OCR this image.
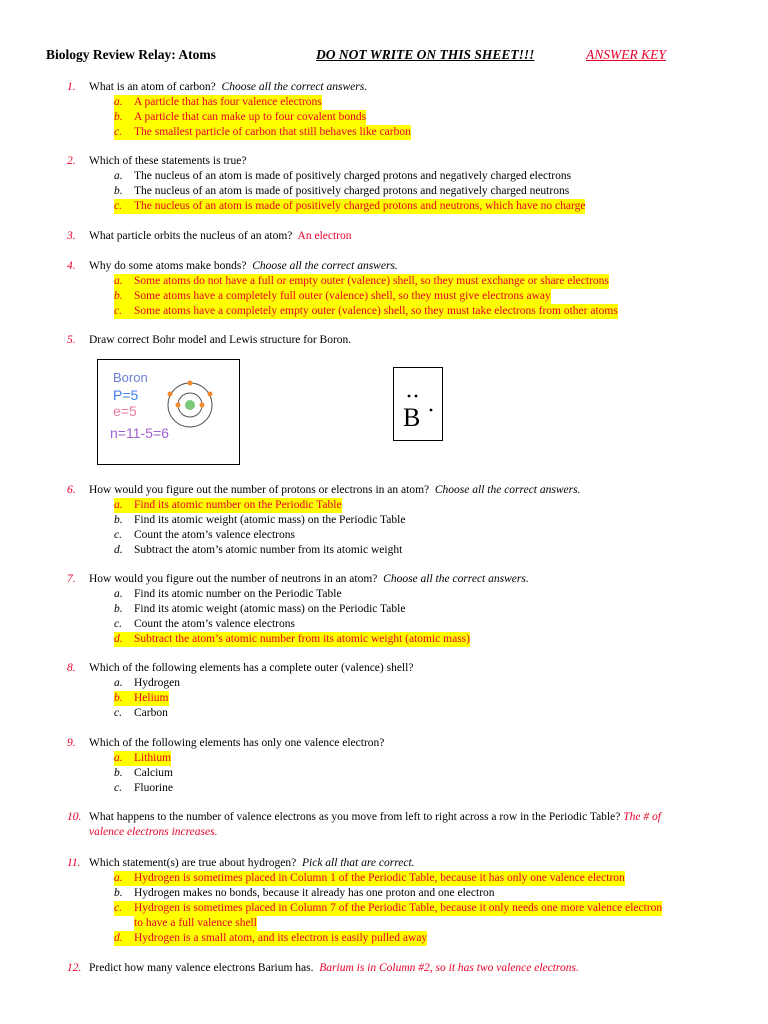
Biology Review Relay: Atoms	DO NOT WRITE ON THIS SHEET!!!	ANSWER KEY
1.	What is an atom of carbon? Choose all the correct answers.
a. A particle that has four valence electrons
b. A particle that can make up to four covalent bonds
c.	The smallest particle of carbon that still behaves like carbon
2.	Which of these statements is true?
a. The nucleus of an atom is made of positively charged protons and negatively charged electrons
b. The nucleus of an atom is made of positively charged protons and negatively charged neutrons
c.	The nucleus of an atom is made of positively charged protons and neutrons, which have no charge
3.	What particle orbits the nucleus of an atom? An electron
4.	Why do some atoms make bonds? Choose all the correct answers.
a. Some atoms do not have a full or empty outer (valence) shell, so they must exchange or share electrons
b. Some atoms have a completely full outer (valence) shell, so they must give electrons away
c.	Some atoms have a completely empty outer (valence) shell, so they must take electrons from other atoms
5.	Draw correct Bohr model and Lewis structure for Boron.
Boron
P=5
e=5
n=11-5=6
B
6.	How would you figure out the number of protons or electrons in an atom? Choose all the correct answers.
a. Find its atomic number on the Periodic Table
b. Find its atomic weight (atomic mass) on the Periodic Table
c.	Count the atom’s valence electrons
d. Subtract the atom’s atomic number from its atomic weight
7.	How would you figure out the number of neutrons in an atom? Choose all the correct answers.
a. Find its atomic number on the Periodic Table
b. Find its atomic weight (atomic mass) on the Periodic Table
c.	Count the atom’s valence electrons
d. Subtract the atom’s atomic number from its atomic weight (atomic mass)
8.	Which of the following elements has a complete outer (valence) shell?
a. Hydrogen
b. Helium
c.	Carbon
9.	Which of the following elements has only one valence electron?
a. Lithium
b. Calcium
c.	Fluorine
10. What happens to the number of valence electrons as you move from left to right across a row in the Periodic Table? The # of
valence electrons increases.
11. Which statement(s) are true about hydrogen? Pick all that are correct.
a. Hydrogen is sometimes placed in Column 1 of the Periodic Table, because it has only one valence electron
b. Hydrogen makes no bonds, because it already has one proton and one electron
c.	Hydrogen is sometimes placed in Column 7 of the Periodic Table, because it only needs one more valence electron
to have a full valence shell
d. Hydrogen is a small atom, and its electron is easily pulled away
12. Predict how many valence electrons Barium has. Barium is in Column #2, so it has two valence electrons.
